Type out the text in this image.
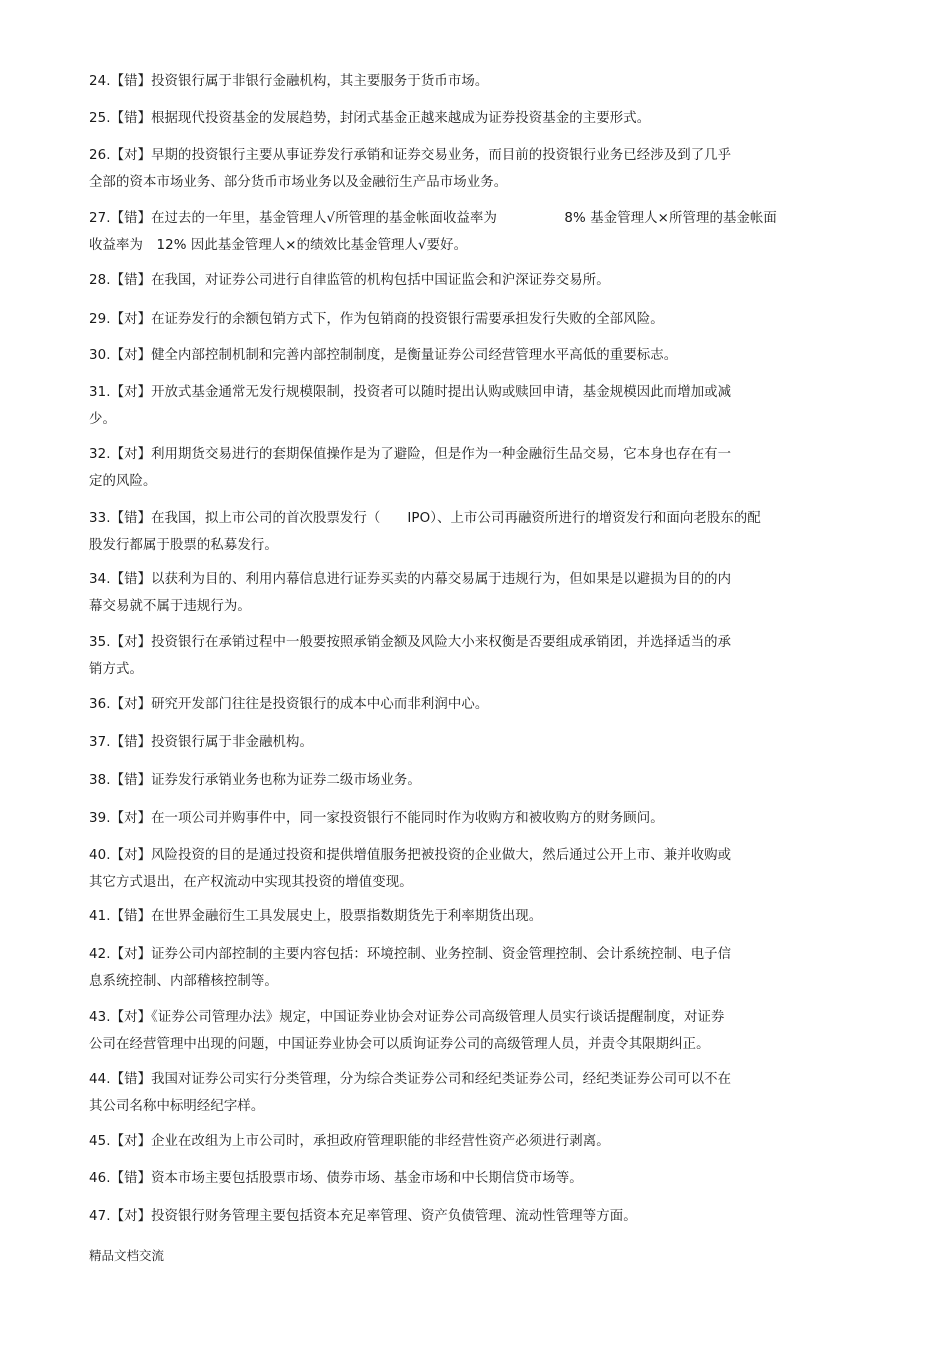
24.【错】投资银行属于非银行金融机构，其主要服务于货币市场。
25.【错】根据现代投资基金的发展趋势，封闭式基金正越来越成为证券投资基金的主要形式。
26.【对】早期的投资银行主要从事证券发行承销和证券交易业务，而目前的投资银行业务已经涉及到了几乎
全部的资本市场业务、部分货币市场业务以及金融衍生产品市场业务。
27.【错】在过去的一年里，基金管理人√所管理的基金帐面收益率为　　　　　8% 基金管理人×所管理的基金帐面
收益率为　12% 因此基金管理人×的绩效比基金管理人√要好。
28.【错】在我国，对证券公司进行自律监管的机构包括中国证监会和沪深证券交易所。
29.【对】在证券发行的余额包销方式下，作为包销商的投资银行需要承担发行失败的全部风险。
30.【对】健全内部控制机制和完善内部控制制度，是衡量证券公司经营管理水平高低的重要标志。
31.【对】开放式基金通常无发行规模限制，投资者可以随时提出认购或赎回申请，基金规模因此而增加或减
少。
32.【对】利用期货交易进行的套期保值操作是为了避险，但是作为一种金融衍生品交易，它本身也存在有一
定的风险。
33.【错】在我国，拟上市公司的首次股票发行（　　IPO）、上市公司再融资所进行的增资发行和面向老股东的配
股发行都属于股票的私募发行。
34.【错】以获利为目的、利用内幕信息进行证券买卖的内幕交易属于违规行为，但如果是以避损为目的的内
幕交易就不属于违规行为。
35.【对】投资银行在承销过程中一般要按照承销金额及风险大小来权衡是否要组成承销团，并选择适当的承
销方式。
36.【对】研究开发部门往往是投资银行的成本中心而非利润中心。
37.【错】投资银行属于非金融机构。
38.【错】证券发行承销业务也称为证券二级市场业务。
39.【对】在一项公司并购事件中，同一家投资银行不能同时作为收购方和被收购方的财务顾问。
40.【对】风险投资的目的是通过投资和提供增值服务把被投资的企业做大，然后通过公开上市、兼并收购或
其它方式退出，在产权流动中实现其投资的增值变现。
41.【错】在世界金融衍生工具发展史上，股票指数期货先于利率期货出现。
42.【对】证券公司内部控制的主要内容包括：环境控制、业务控制、资金管理控制、会计系统控制、电子信
息系统控制、内部稽核控制等。
43.【对】《证券公司管理办法》规定，中国证券业协会对证券公司高级管理人员实行谈话提醒制度，对证券
公司在经营管理中出现的问题，中国证券业协会可以质询证券公司的高级管理人员，并责令其限期纠正。
44.【错】我国对证券公司实行分类管理，分为综合类证券公司和经纪类证券公司，经纪类证券公司可以不在
其公司名称中标明经纪字样。
45.【对】企业在改组为上市公司时，承担政府管理职能的非经营性资产必须进行剥离。
46.【错】资本市场主要包括股票市场、债券市场、基金市场和中长期信贷市场等。
47.【对】投资银行财务管理主要包括资本充足率管理、资产负债管理、流动性管理等方面。
精品文档交流
